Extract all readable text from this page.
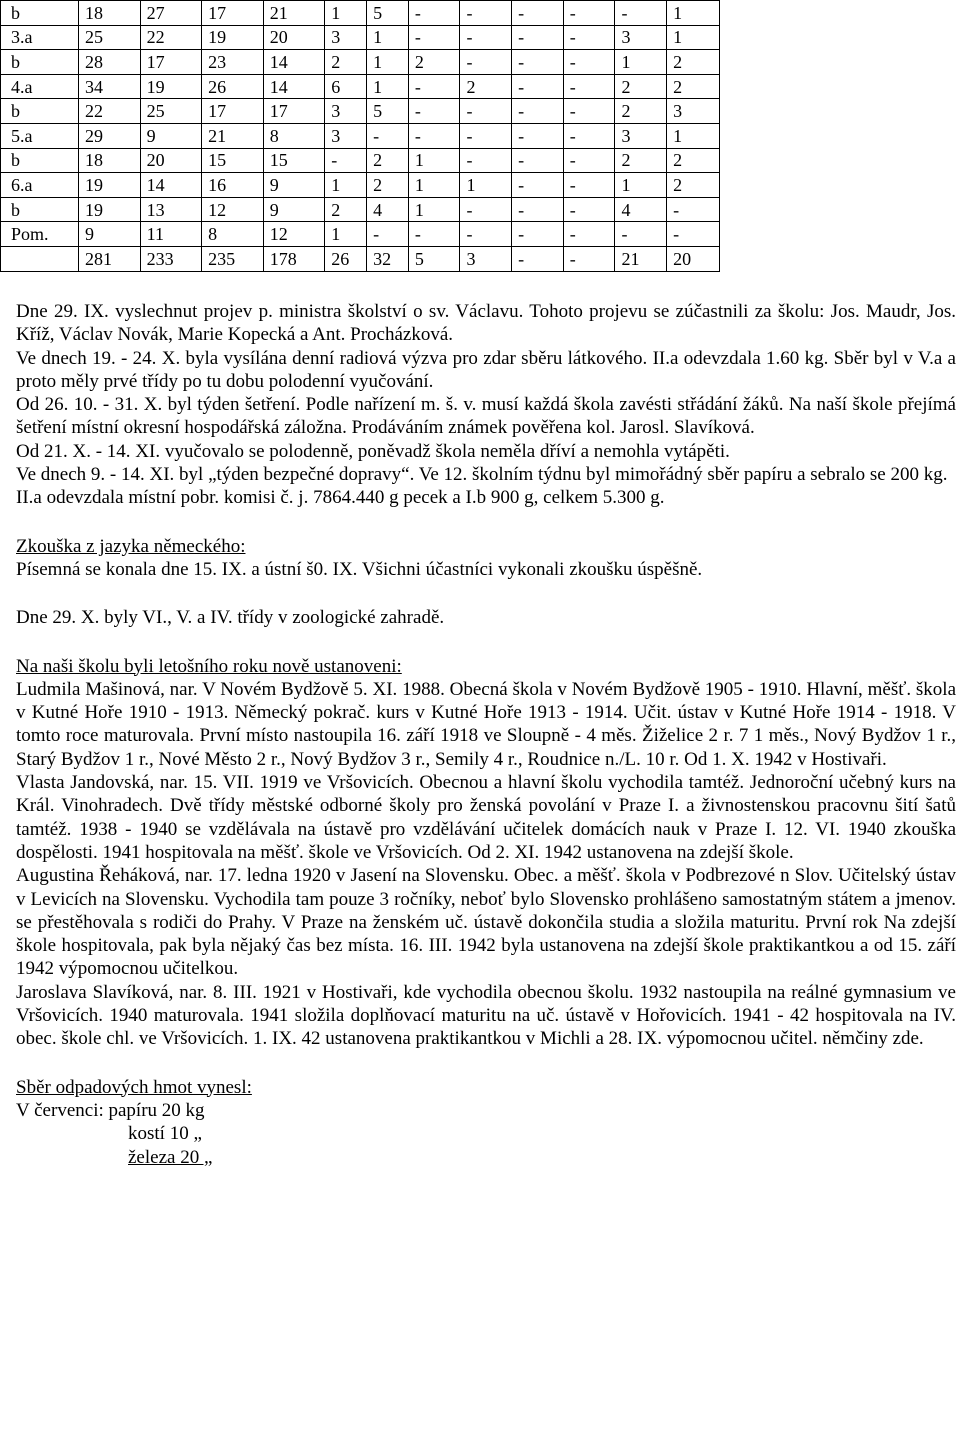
b	18	27	17	21	1	5	-	-	-	-	-	1
3.a	25	22	19	20	3	1	-	-	-	-	3	1
b	28	17	23	14	2	1	2	-	-	-	1	2
4.a	34	19	26	14	6	1	-	2	-	-	2	2
b	22	25	17	17	3	5	-	-	-	-	2	3
5.a	29	9	21	8	3	-	-	-	-	-	3	1
b	18	20	15	15	-	2	1	-	-	-	2	2
6.a	19	14	16	9	1	2	1	1	-	-	1	2
b	19	13	12	9	2	4	1	-	-	-	4	-
Pom.	9	11	8	12	1	-	-	-	-	-	-	-
	281	233	235	178	26	32	5	3	-	-	21	20

Dne 29. IX. vyslechnut projev p. ministra školství o sv. Václavu. Tohoto projevu se zúčastnili za školu: Jos. Maudr, Jos. Kříž, Václav Novák, Marie Kopecká a Ant. Procházková.

Ve dnech 19. - 24. X. byla vysílána denní radiová výzva pro zdar sběru látkového. II.a odevzdala 1.60 kg. Sběr byl v V.a a proto měly prvé třídy po tu dobu polodenní vyučování.

Od 26. 10. - 31. X. byl týden šetření. Podle nařízení m. š. v. musí každá škola zavésti střádání žáků. Na naší škole přejímá šetření místní okresní hospodářská záložna. Prodáváním známek pověřena kol. Jarosl. Slavíková.

Od 21. X. - 14. XI. vyučovalo se polodenně, poněvadž škola neměla dříví a nemohla vytápěti.

Ve dnech 9. - 14. XI. byl „týden bezpečné dopravy“. Ve 12. školním týdnu byl mimořádný sběr papíru a sebralo se 200 kg.

II.a odevzdala místní pobr. komisi č. j. 7864.440 g pecek a I.b 900 g, celkem 5.300 g.

Zkouška z jazyka německého:

Písemná se konala dne 15. IX. a ústní š0. IX. Všichni účastníci vykonali zkoušku úspěšně.

Dne 29. X. byly VI., V. a IV. třídy v zoologické zahradě.

Na naši školu byli letošního roku nově ustanoveni:

Ludmila Mašinová, nar. V Novém Bydžově 5. XI. 1988. Obecná škola v Novém Bydžově 1905 - 1910. Hlavní, měšť. škola v Kutné Hoře 1910 - 1913. Německý pokrač. kurs v Kutné Hoře 1913 - 1914. Učit. ústav v Kutné Hoře 1914 - 1918. V tomto roce maturovala. První místo nastoupila 16. září 1918 ve Sloupně - 4 měs. Žiželice 2 r. 7 1 měs., Nový Bydžov 1 r., Starý Bydžov 1 r., Nové Město 2 r., Nový Bydžov 3 r., Semily 4 r., Roudnice n./L. 10 r. Od 1. X. 1942 v Hostivaři.

Vlasta Jandovská, nar. 15. VII. 1919 ve Vršovicích. Obecnou a hlavní školu vychodila tamtéž. Jednoroční učebný kurs na Král. Vinohradech. Dvě třídy městské odborné školy pro ženská povolání v Praze I. a živnostenskou pracovnu šití šatů tamtéž. 1938 - 1940 se vzdělávala na ústavě pro vzdělávání učitelek domácích nauk v Praze I. 12. VI. 1940 zkouška dospělosti. 1941 hospitovala na měšť. škole ve Vršovicích. Od 2. XI. 1942 ustanovena na zdejší škole.

Augustina Řeháková, nar. 17. ledna 1920 v Jasení na Slovensku. Obec. a měšť. škola v Podbrezové n Slov. Učitelský ústav v Levicích na Slovensku. Vychodila tam pouze 3 ročníky, neboť bylo Slovensko prohlášeno samostatným státem a jmenov. se přestěhovala s rodiči do Prahy. V Praze na ženském uč. ústavě dokončila studia a složila maturitu. První rok Na zdejší škole hospitovala, pak byla nějaký čas bez místa. 16. III. 1942 byla ustanovena na zdejší škole praktikantkou a od 15. září 1942 výpomocnou učitelkou.

Jaroslava Slavíková, nar. 8. III. 1921 v Hostivaři, kde vychodila obecnou školu. 1932 nastoupila na reálné gymnasium ve Vršovicích. 1940 maturovala. 1941 složila doplňovací maturitu na uč. ústavě v Hořovicích. 1941 - 42 hospitovala na IV. obec. škole chl. ve Vršovicích. 1. IX. 42 ustanovena praktikantkou v Michli a 28. IX. výpomocnou učitel. němčiny zde.

Sběr odpadových hmot vynesl:
V červenci: papíru 20 kg
kostí 10 „
železa 20 „
